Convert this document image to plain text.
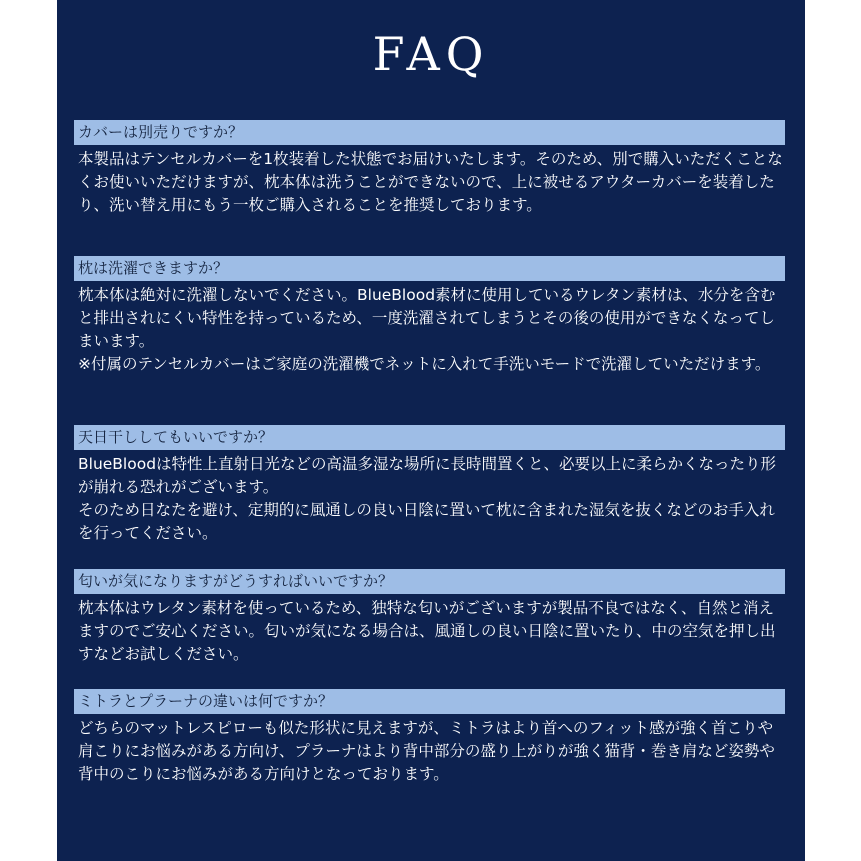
FAQ
カバーは別売りですか？

本製品はテンセルカバーを1枚装着した状態でお届けいたします。そのため、別で購入いただくことなくお使いいただけますが、枕本体は洗うことができないので、上に被せるアウターカバーを装着したり、洗い替え用にもう一枚ご購入されることを推奨しております。

枕は洗濯できますか？

枕本体は絶対に洗濯しないでください。BlueBlood素材に使用しているウレタン素材は、水分を含むと排出されにくい特性を持っているため、一度洗濯されてしまうとその後の使用ができなくなってしまいます。

※付属のテンセルカバーはご家庭の洗濯機でネットに入れて手洗いモードで洗濯していただけます。

天日干ししてもいいですか？

BlueBloodは特性上直射日光などの高温多湿な場所に長時間置くと、必要以上に柔らかくなったり形が崩れる恐れがございます。

そのため日なたを避け、定期的に風通しの良い日陰に置いて枕に含まれた湿気を抜くなどのお手入れを行ってください。

匂いが気になりますがどうすればいいですか？

枕本体はウレタン素材を使っているため、独特な匂いがございますが製品不良ではなく、自然と消えますのでご安心ください。匂いが気になる場合は、風通しの良い日陰に置いたり、中の空気を押し出すなどお試しください。

ミトラとプラーナの違いは何ですか？

どちらのマットレスピローも似た形状に見えますが、ミトラはより首へのフィット感が強く首こりや肩こりにお悩みがある方向け、プラーナはより背中部分の盛り上がりが強く猫背・巻き肩など姿勢や背中のこりにお悩みがある方向けとなっております。
